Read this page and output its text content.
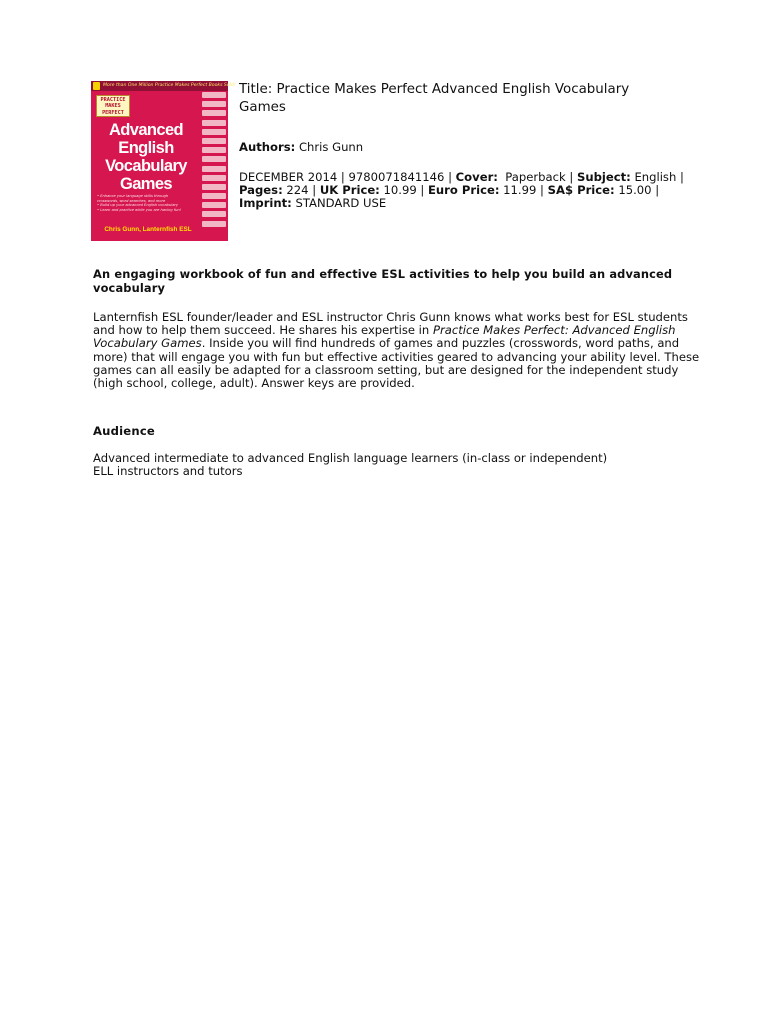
More than One Million Practice Makes Perfect Books Sold!
PRACTICE
MAKES
PERFECT
Advanced
English
Vocabulary
Games
• Enhance your language skills through
crosswords, word searches, and more
• Build up your advanced English vocabulary
• Learn and practice while you are having fun!
Chris Gunn, Lanternfish ESL
Title: Practice Makes Perfect Advanced English Vocabulary Games
Authors: Chris Gunn
DECEMBER 2014 | 9780071841146 | Cover: Paperback | Subject: English | Pages: 224 | UK Price: 10.99 | Euro Price: 11.99 | SA$ Price: 15.00 | Imprint: STANDARD USE
An engaging workbook of fun and effective ESL activities to help you build an advanced vocabulary
Lanternfish ESL founder/leader and ESL instructor Chris Gunn knows what works best for ESL students and how to help them succeed. He shares his expertise in Practice Makes Perfect: Advanced English Vocabulary Games. Inside you will find hundreds of games and puzzles (crosswords, word paths, and more) that will engage you with fun but effective activities geared to advancing your ability level. These games can all easily be adapted for a classroom setting, but are designed for the independent study (high school, college, adult). Answer keys are provided.
Audience
Advanced intermediate to advanced English language learners (in-class or independent)
ELL instructors and tutors
